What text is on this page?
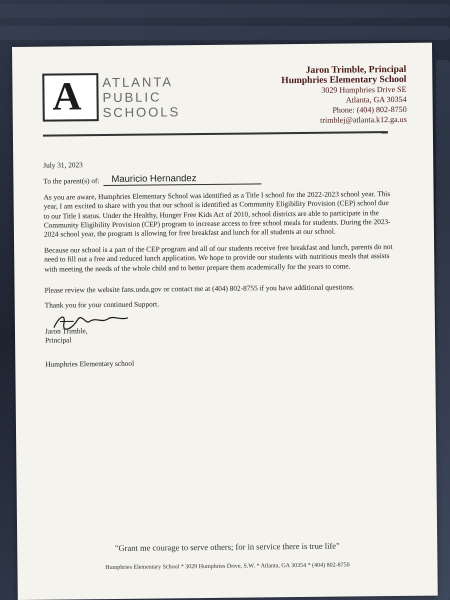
A ATLANTA
PUBLIC
SCHOOLS
Jaron Trimble, Principal
Humphries Elementary School
3029 Humphries Drive SE
Atlanta, GA 30354
Phone: (404) 802-8750
trimblej@atlanta.k12.ga.us
July 31, 2023
To the parent(s) of:	Mauricio Hernandez

As you are aware, Humphries Elementary School was identified as a Title I school for the 2022-2023 school year. This year, I am excited to share with you that our school is identified as Community Eligibility Provision (CEP) school due to our Title I status. Under the Healthy, Hunger Free Kids Act of 2010, school districts are able to participate in the Community Eligibility Provision (CEP) program to increase access to free school meals for students. During the 2023-2024 school year, the program is allowing for free breakfast and lunch for all students at our school.

Because our school is a part of the CEP program and all of our students receive free breakfast and lunch, parents do not need to fill out a free and reduced lunch application. We hope to provide our students with nutritious meals that assists with meeting the needs of the whole child and to better prepare them academically for the years to come.

Please review the website fans.usda.gov or contact me at (404) 802-8755 if you have additional questions.

Thank you for your continued Support.

Jaron Trimble,
Principal
Humphries Elementary school
"Grant me courage to serve others; for in service there is true life"
Humphries Elementary School * 3029 Humphries Drive, S.W. * Atlanta, GA 30354 * (404) 802-8750
